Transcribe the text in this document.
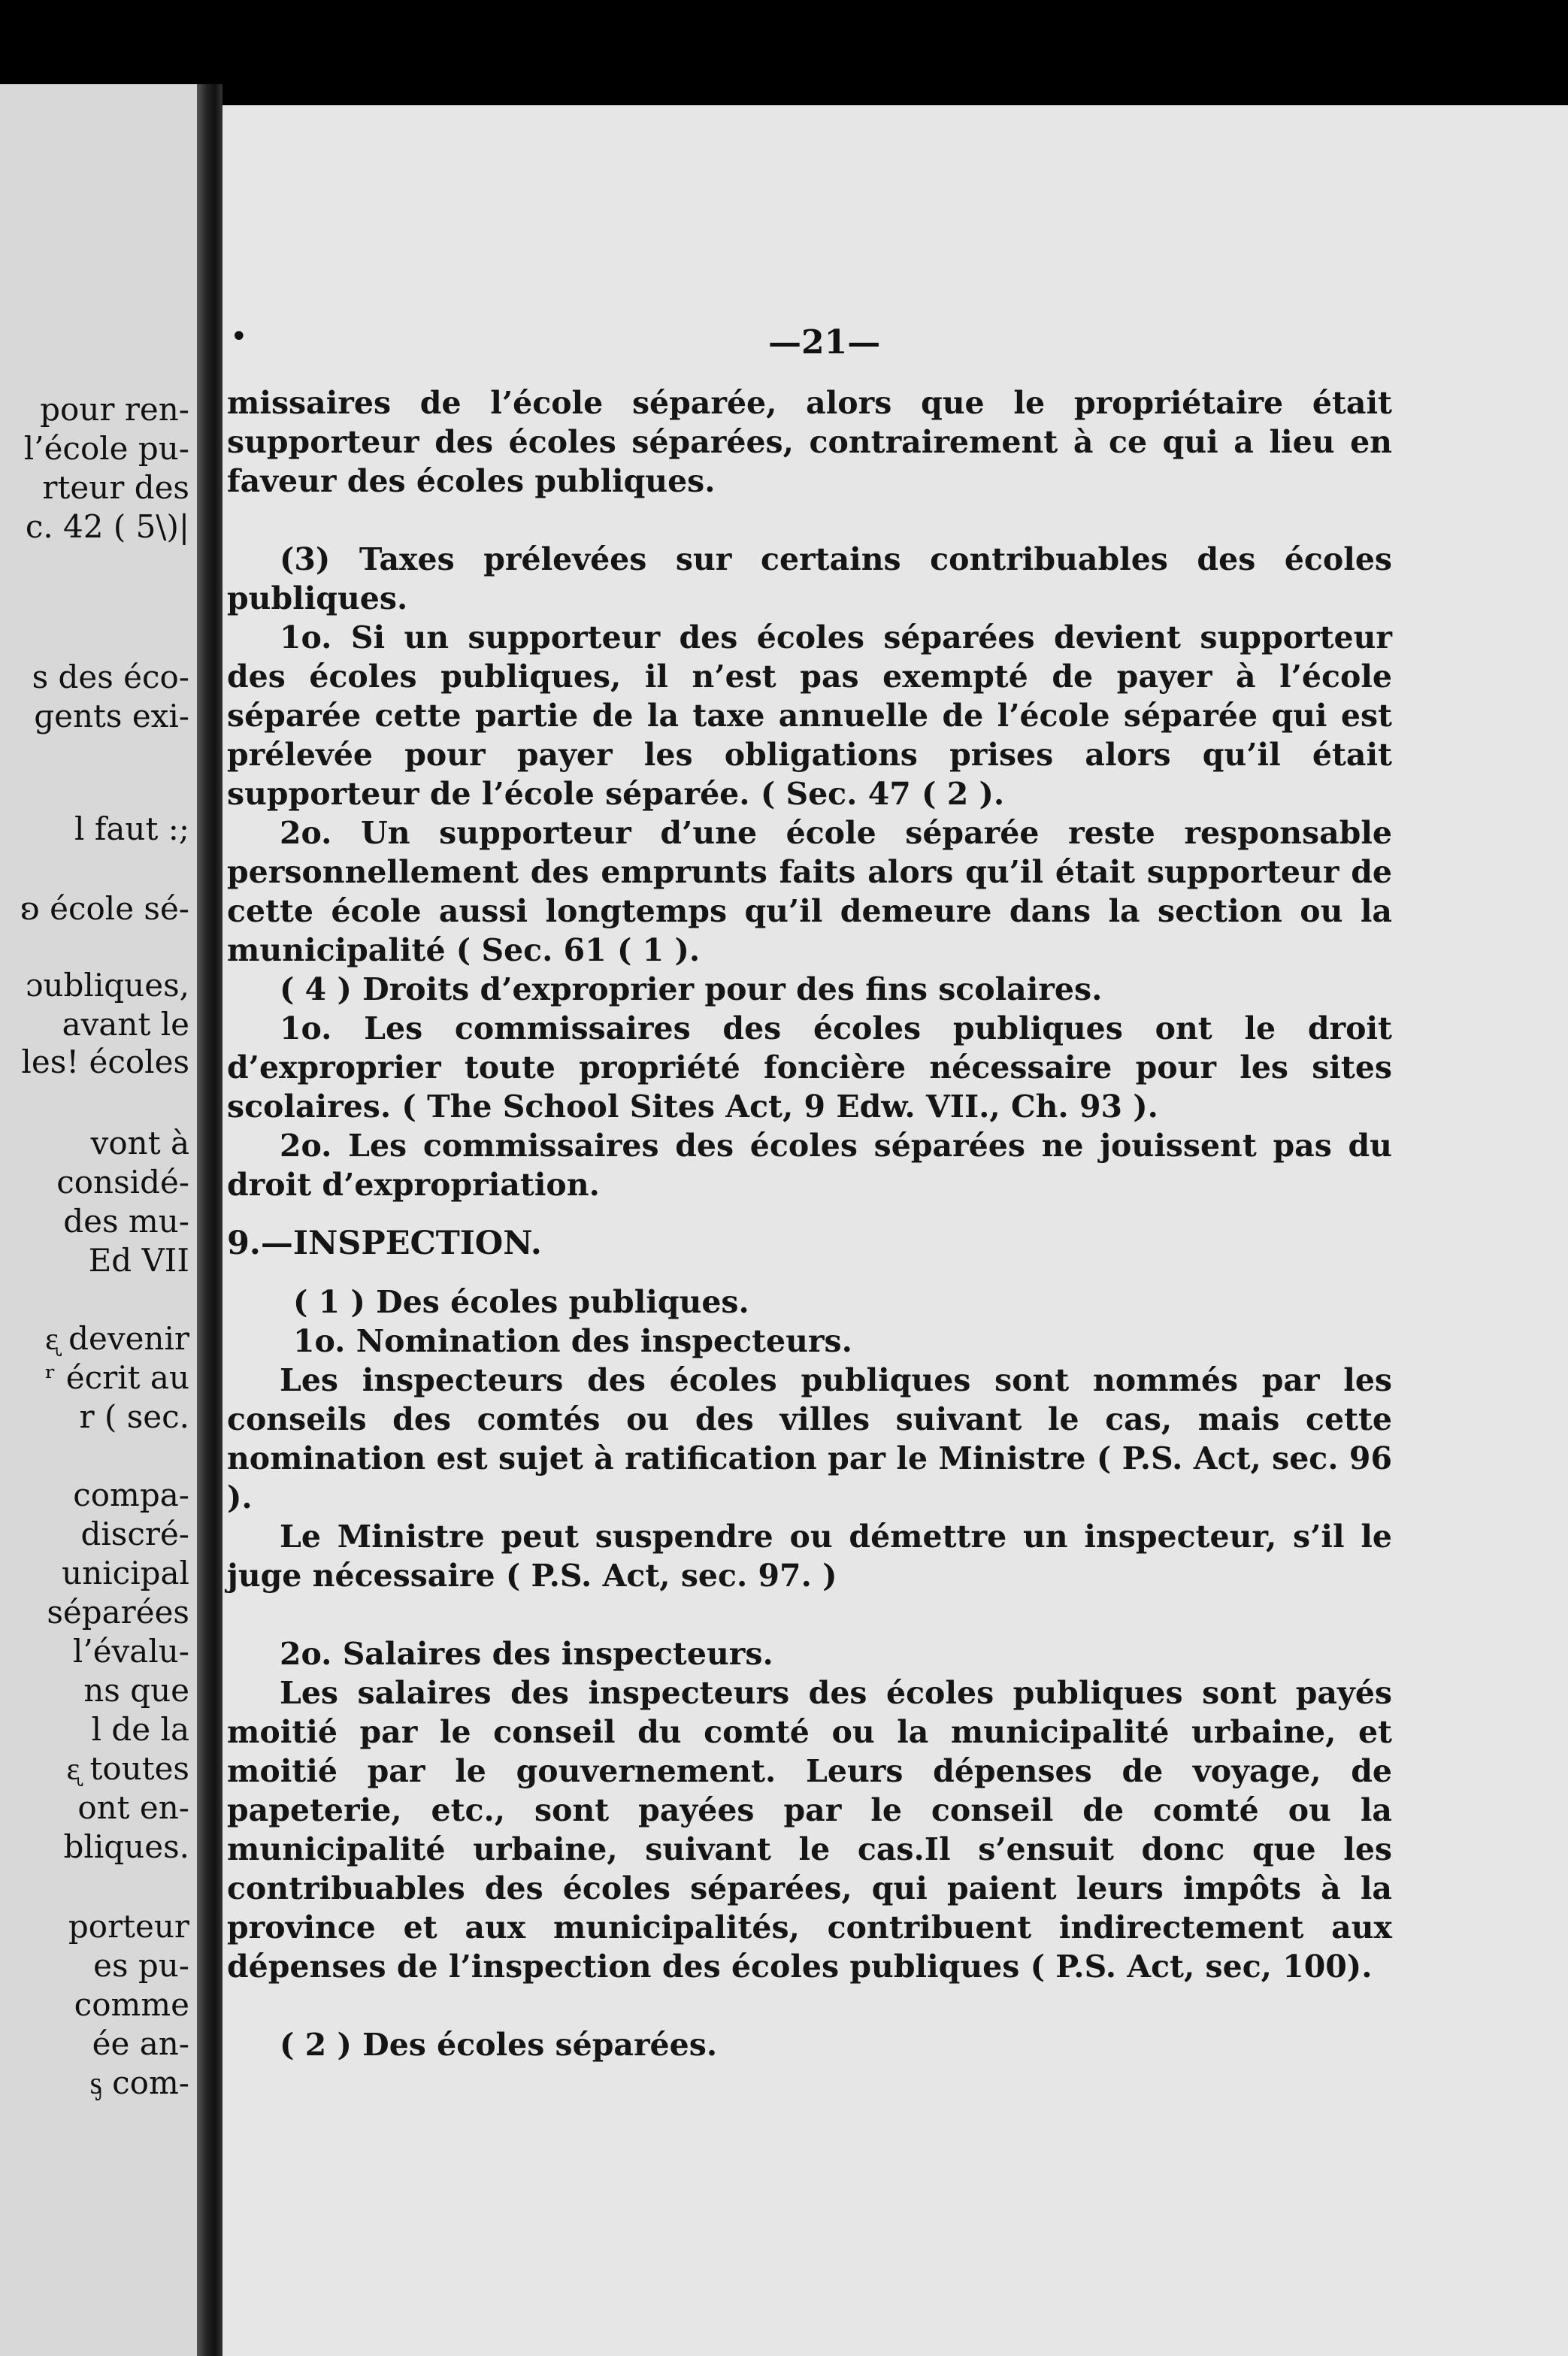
pour ren-
l’école pu-
rteur des
c. 42 ( 5\)|
s des éco-
ɡents exi-
l faut :;
ʚ école sé-
ɔubliques,
avant le
les! écoles
vont à
considé-
des mu-
Ed VII
ᶓ devenir
ʳ écrit au
r ( sec.
compa-
discré-
unicipal
séparées
l’évalu-
ns que
l de la
ᶓ toutes
ont en-
bliques.
porteur
es pu-
comme
ée an-
ᶊ com-
•	—21—

missaires de l’école séparée, alors que le propriétaire était supporteur des écoles séparées, contrairement à ce qui a lieu en faveur des écoles publiques.

(3) Taxes prélevées sur certains contribuables des écoles publiques.

1o. Si un supporteur des écoles séparées devient supporteur des écoles publiques, il n’est pas exempté de payer à l’école séparée cette partie de la taxe annuelle de l’école séparée qui est prélevée pour payer les obligations prises alors qu’il était supporteur de l’école séparée. ( Sec. 47 ( 2 ).

2o. Un supporteur d’une école séparée reste responsable personnellement des emprunts faits alors qu’il était supporteur de cette école aussi longtemps qu’il demeure dans la section ou la municipalité ( Sec. 61 ( 1 ).

( 4 ) Droits d’exproprier pour des fins scolaires.

1o. Les commissaires des écoles publiques ont le droit d’exproprier toute propriété foncière nécessaire pour les sites scolaires. ( The School Sites Act, 9 Edw. VII., Ch. 93 ).

2o. Les commissaires des écoles séparées ne jouissent pas du droit d’expropriation.

9.—INSPECTION.

( 1 ) Des écoles publiques.

1o. Nomination des inspecteurs.

Les inspecteurs des écoles publiques sont nommés par les conseils des comtés ou des villes suivant le cas, mais cette nomination est sujet à ratification par le Ministre ( P.S. Act, sec. 96 ).

Le Ministre peut suspendre ou démettre un inspecteur, s’il le juge nécessaire ( P.S. Act, sec. 97. )

2o. Salaires des inspecteurs.

Les salaires des inspecteurs des écoles publiques sont payés moitié par le conseil du comté ou la municipalité urbaine, et moitié par le gouvernement. Leurs dépenses de voyage, de papeterie, etc., sont payées par le conseil de comté ou la municipalité urbaine, suivant le cas.Il s’ensuit donc que les contribuables des écoles séparées, qui paient leurs impôts à la province et aux municipalités, contribuent indirectement aux dépenses de l’inspection des écoles publiques ( P.S. Act, sec, 100).

( 2 ) Des écoles séparées.
